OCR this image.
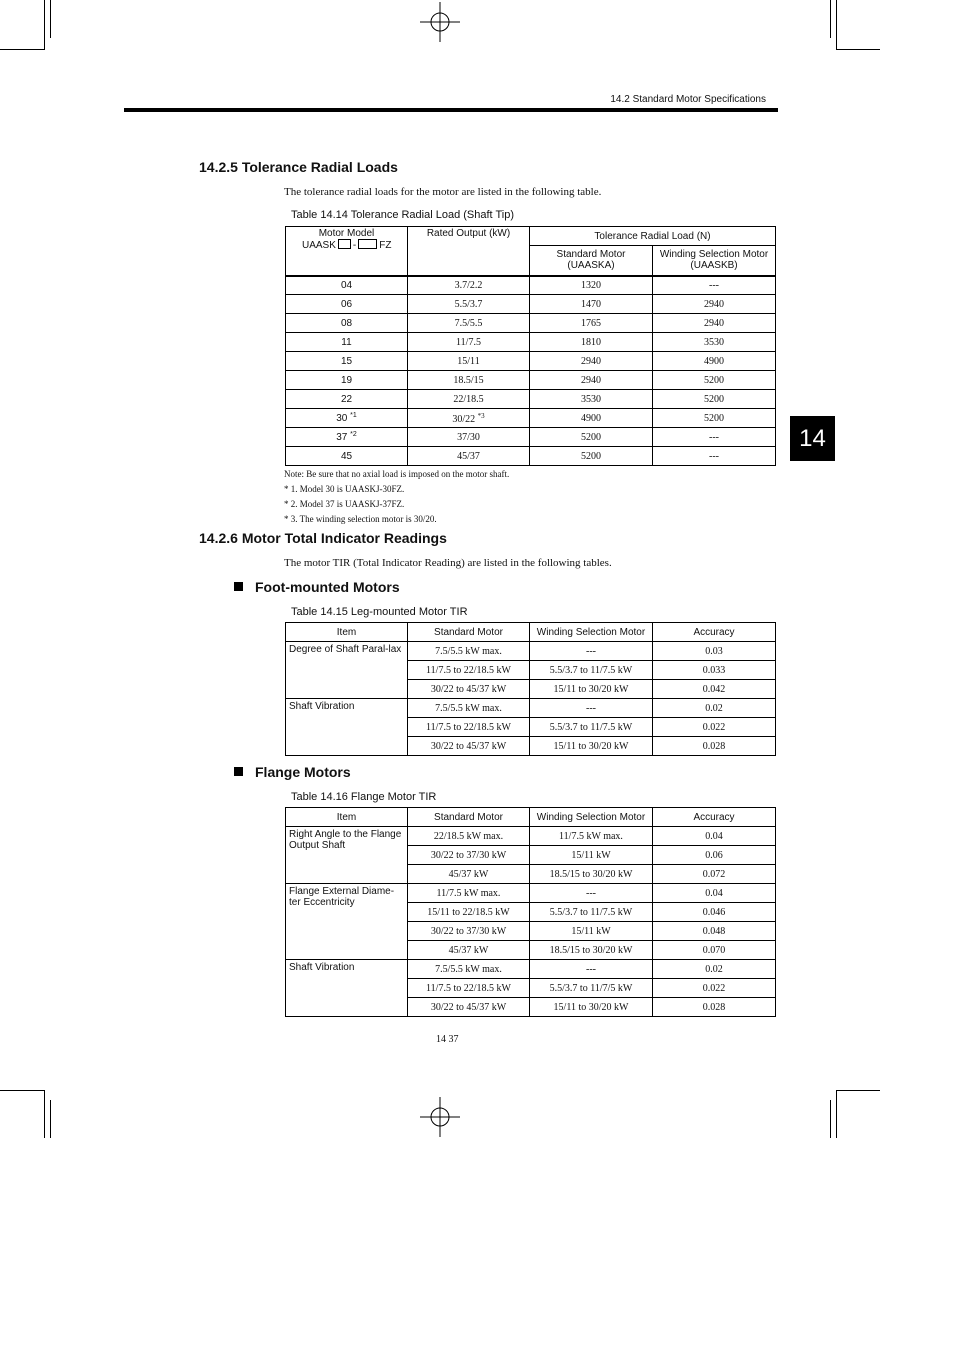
14.2 Standard Motor Specifications
14
14.2.5 Tolerance Radial Loads
The tolerance radial loads for the motor are listed in the following table.
Table 14.14 Tolerance Radial Load (Shaft Tip)
Motor Model
UAASK - FZ	Rated Output (kW)	Tolerance Radial Load (N)	
		Standard Motor (UAASKA)	Winding Selection Motor (UAASKB)
04	3.7/2.2	1320	---
06	5.5/3.7	1470	2940
08	7.5/5.5	1765	2940
11	11/7.5	1810	3530
15	15/11	2940	4900
19	18.5/15	2940	5200
22	22/18.5	3530	5200
30 $^{*1}$	30/22 $^{*3}$	4900	5200
37 $^{*2}$	37/30	5200	---
45	45/37	5200	---
Note: Be sure that no axial load is imposed on the motor shaft.
* 1. Model 30 is UAASKJ-30FZ.
* 2. Model 37 is UAASKJ-37FZ.
* 3. The winding selection motor is 30/20.
14.2.6 Motor Total Indicator Readings
The motor TIR (Total Indicator Reading) are listed in the following tables.
Foot-mounted Motors
Table 14.15 Leg-mounted Motor TIR
Item	Standard Motor	Winding Selection Motor	Accuracy
Degree of Shaft Paral-lax	7.5/5.5 kW max.	---	0.03
	11/7.5 to 22/18.5 kW	5.5/3.7 to 11/7.5 kW	0.033
	30/22 to 45/37 kW	15/11 to 30/20 kW	0.042
Shaft Vibration	7.5/5.5 kW max.	---	0.02
	11/7.5 to 22/18.5 kW	5.5/3.7 to 11/7.5 kW	0.022
	30/22 to 45/37 kW	15/11 to 30/20 kW	0.028
Flange Motors
Table 14.16 Flange Motor TIR
Item	Standard Motor	Winding Selection Motor	Accuracy
Right Angle to the Flange Output Shaft	22/18.5 kW max.	11/7.5 kW max.	0.04
	30/22 to 37/30 kW	15/11 kW	0.06
	45/37 kW	18.5/15 to 30/20 kW	0.072
Flange External Diame-ter Eccentricity	11/7.5 kW max.	---	0.04
	15/11 to 22/18.5 kW	5.5/3.7 to 11/7.5 kW	0.046
	30/22 to 37/30 kW	15/11 kW	0.048
	45/37 kW	18.5/15 to 30/20 kW	0.070
Shaft Vibration	7.5/5.5 kW max.	---	0.02
	11/7.5 to 22/18.5 kW	5.5/3.7 to 11/7/5 kW	0.022
	30/22 to 45/37 kW	15/11 to 30/20 kW	0.028
14 37
